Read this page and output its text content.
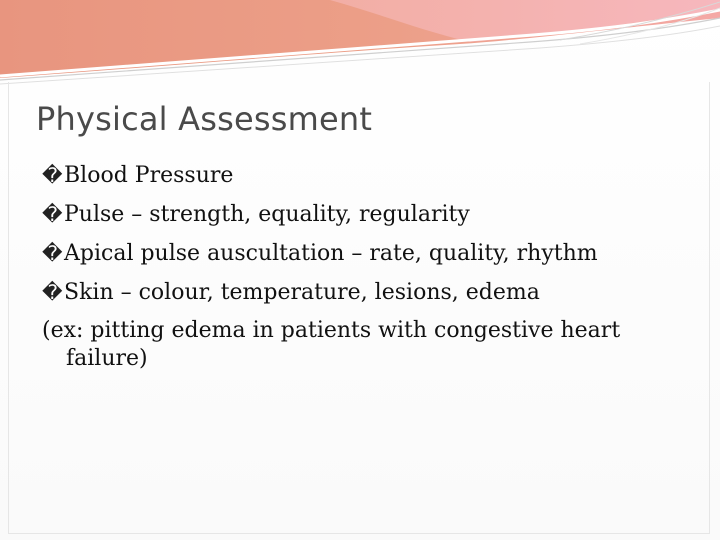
Physical Assessment
�Blood Pressure
�Pulse – strength, equality, regularity
�Apical pulse auscultation – rate, quality, rhythm
�Skin – colour, temperature, lesions, edema
(ex: pitting edema in patients with congestive heart failure)
